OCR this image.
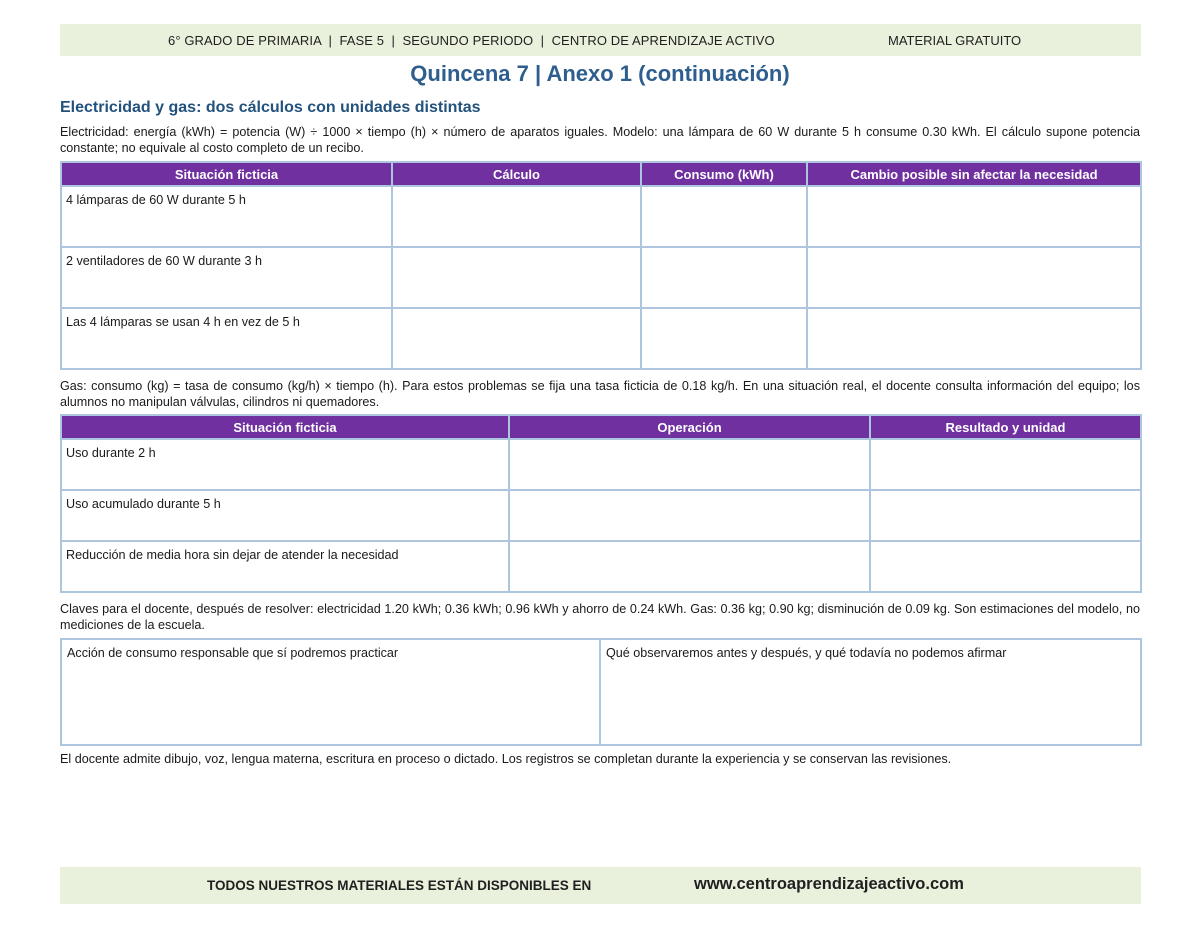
6° GRADO DE PRIMARIA  |  FASE 5  |  SEGUNDO PERIODO  |  CENTRO DE APRENDIZAJE ACTIVO	MATERIAL GRATUITO
Quincena 7 | Anexo 1 (continuación)
Electricidad y gas: dos cálculos con unidades distintas
Electricidad: energía (kWh) = potencia (W) ÷ 1000 × tiempo (h) × número de aparatos iguales. Modelo: una lámpara de 60 W durante 5 h consume 0.30 kWh. El cálculo supone potencia constante; no equivale al costo completo de un recibo.
Situación ficticia	Cálculo	Consumo (kWh)	Cambio posible sin afectar la necesidad
4 lámparas de 60 W durante 5 h			
2 ventiladores de 60 W durante 3 h			
Las 4 lámparas se usan 4 h en vez de 5 h			
Gas: consumo (kg) = tasa de consumo (kg/h) × tiempo (h). Para estos problemas se fija una tasa ficticia de 0.18 kg/h. En una situación real, el docente consulta información del equipo; los alumnos no manipulan válvulas, cilindros ni quemadores.
Situación ficticia	Operación	Resultado y unidad
Uso durante 2 h		
Uso acumulado durante 5 h		
Reducción de media hora sin dejar de atender la necesidad		
Claves para el docente, después de resolver: electricidad 1.20 kWh; 0.36 kWh; 0.96 kWh y ahorro de 0.24 kWh. Gas: 0.36 kg; 0.90 kg; disminución de 0.09 kg. Son estimaciones del modelo, no mediciones de la escuela.
Acción de consumo responsable que sí podremos practicar	Qué observaremos antes y después, y qué todavía no podemos afirmar
El docente admite dibujo, voz, lengua materna, escritura en proceso o dictado. Los registros se completan durante la experiencia y se conservan las revisiones.
TODOS NUESTROS MATERIALES ESTÁN DISPONIBLES EN	www.centroaprendizajeactivo.com
